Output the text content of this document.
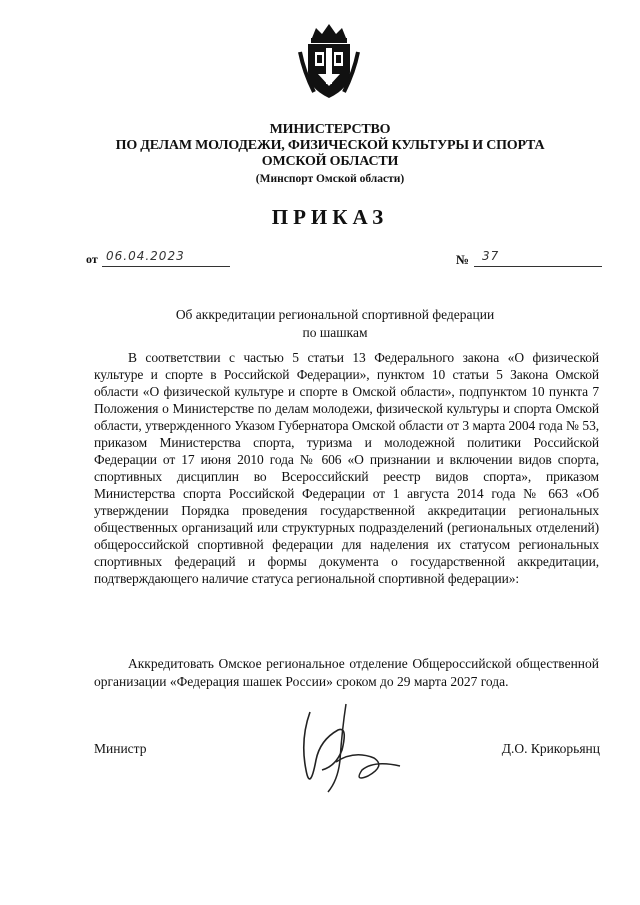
МИНИСТЕРСТВО
ПО ДЕЛАМ МОЛОДЕЖИ, ФИЗИЧЕСКОЙ КУЛЬТУРЫ И СПОРТА
ОМСКОЙ ОБЛАСТИ
(Минспорт Омской области)
ПРИКАЗ
от 06.04.2023	№ 37
Об аккредитации региональной спортивной федерации
по шашкам
В соответствии с частью 5 статьи 13 Федерального закона «О физической культуре и спорте в Российской Федерации», пунктом 10 статьи 5 Закона Омской области «О физической культуре и спорте в Омской области», подпунктом 10 пункта 7 Положения о Министерстве по делам молодежи, физической культуры и спорта Омской области, утвержденного Указом Губернатора Омской области от 3 марта 2004 года № 53, приказом Министерства спорта, туризма и молодежной политики Российской Федерации от 17 июня 2010 года № 606 «О признании и включении видов спорта, спортивных дисциплин во Всероссийский реестр видов спорта», приказом Министерства спорта Российской Федерации от 1 августа 2014 года № 663 «Об утверждении Порядка проведения государственной аккредитации региональных общественных организаций или структурных подразделений (региональных отделений) общероссийской спортивной федерации для наделения их статусом региональных спортивных федераций и формы документа о государственной аккредитации, подтверждающего наличие статуса региональной спортивной федерации»:
Аккредитовать Омское региональное отделение Общероссийской общественной организации «Федерация шашек России» сроком до 29 марта 2027 года.
Министр	Д.О. Крикорьянц
